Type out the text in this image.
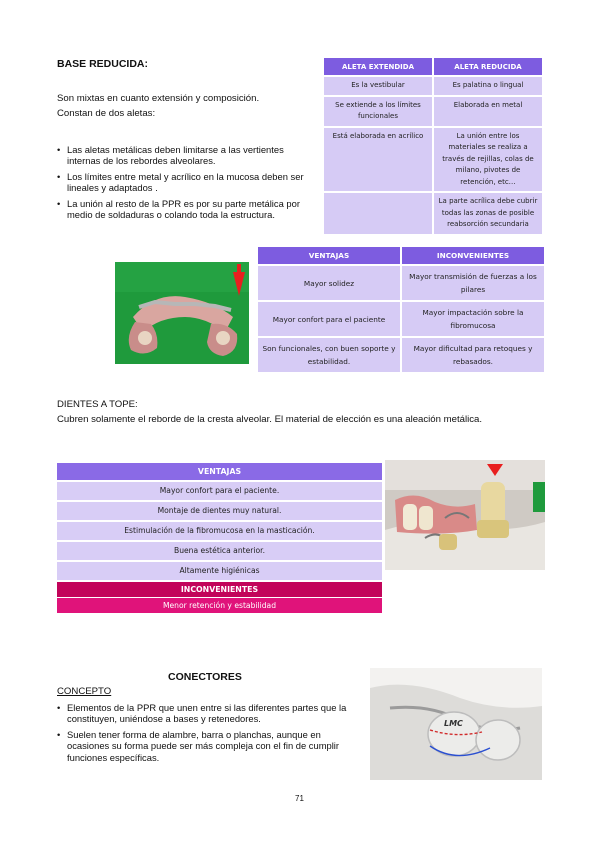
BASE REDUCIDA:
Son mixtas en cuanto extensión y composición.
Constan de dos aletas:
• Las aletas metálicas deben limitarse a las vertientes internas de los rebordes alveolares.
• Los límites entre metal y acrílico en la mucosa deben ser lineales y adaptados .
• La unión al resto de la PPR es por su parte metálica por medio de soldaduras o colando toda la estructura.
ALETA EXTENDIDA	ALETA REDUCIDA
Es la vestibular	Es palatina o lingual
Se extiende a los límites funcionales	Elaborada en metal
Está elaborada en acrílico	La unión entre los materiales se realiza a través de rejillas, colas de milano, pivotes de retención, etc…
	La parte acrílica debe cubrir todas las zonas de posible reabsorción secundaria
VENTAJAS	INCONVENIENTES
Mayor solidez	Mayor transmisión de fuerzas a los pilares
Mayor confort para el paciente	Mayor impactación sobre la fibromucosa
Son funcionales, con buen soporte y estabilidad.	Mayor dificultad para retoques y rebasados.
DIENTES A TOPE:
Cubren solamente el reborde de la cresta alveolar. El material de elección es una aleación metálica.
VENTAJAS
Mayor confort para el paciente.
Montaje de dientes muy natural.
Estimulación de la fibromucosa en la masticación.
Buena estética anterior.
Altamente higiénicas
INCONVENIENTES
Menor retención y estabilidad
CONECTORES
CONCEPTO
• Elementos de la PPR que unen entre si las diferentes partes que la constituyen, uniéndose a bases y retenedores.
• Suelen tener forma de alambre, barra o planchas, aunque en ocasiones su forma puede ser más compleja con el fin de cumplir funciones específicas.
LMC
71
